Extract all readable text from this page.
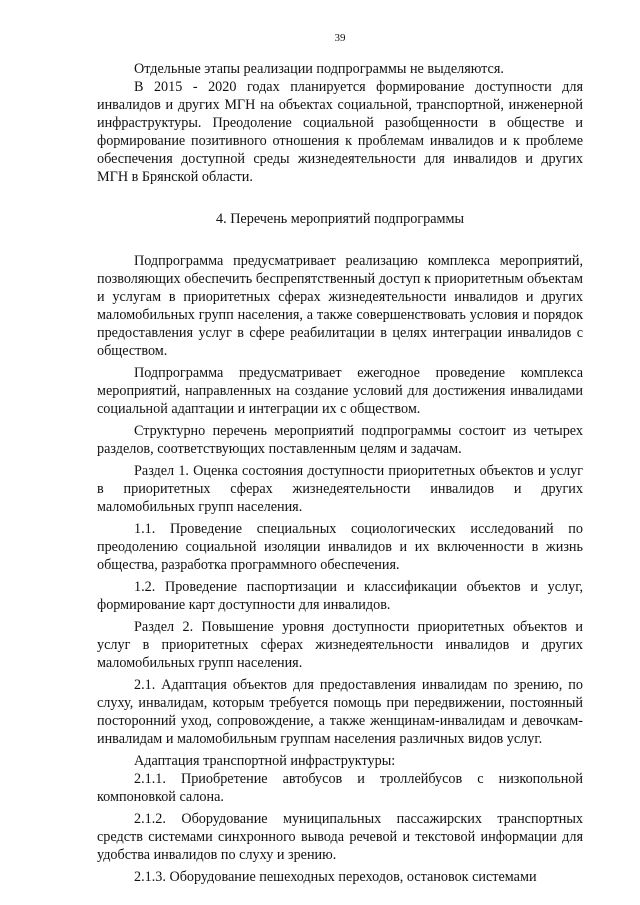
39

Отдельные этапы реализации подпрограммы не выделяются.

В 2015 - 2020 годах планируется формирование доступности для инвалидов и других МГН на объектах социальной, транспортной, инженерной инфраструктуры. Преодоление социальной разобщенности в обществе и формирование позитивного отношения к проблемам инвалидов и к проблеме обеспечения доступной среды жизнедеятельности для инвалидов и других МГН в Брянской области.

4. Перечень мероприятий подпрограммы

Подпрограмма предусматривает реализацию комплекса мероприятий, позволяющих обеспечить беспрепятственный доступ к приоритетным объектам и услугам в приоритетных сферах жизнедеятельности инвалидов и других маломобильных групп населения, а также совершенствовать условия и порядок предоставления услуг в сфере реабилитации в целях интеграции инвалидов с обществом.

Подпрограмма предусматривает ежегодное проведение комплекса мероприятий, направленных на создание условий для достижения инвалидами социальной адаптации и интеграции их с обществом.

Структурно перечень мероприятий подпрограммы состоит из четырех разделов, соответствующих поставленным целям и задачам.

Раздел 1. Оценка состояния доступности приоритетных объектов и услуг в приоритетных сферах жизнедеятельности инвалидов и других маломобильных групп населения.

1.1. Проведение специальных социологических исследований по преодолению социальной изоляции инвалидов и их включенности в жизнь общества, разработка программного обеспечения.

1.2. Проведение паспортизации и классификации объектов и услуг, формирование карт доступности для инвалидов.

Раздел 2. Повышение уровня доступности приоритетных объектов и услуг в приоритетных сферах жизнедеятельности инвалидов и других маломобильных групп населения.

2.1. Адаптация объектов для предоставления инвалидам по зрению, по слуху, инвалидам, которым требуется помощь при передвижении, постоянный посторонний уход, сопровождение, а также женщинам-инвалидам и девочкам-инвалидам и маломобильным группам населения различных видов услуг.

Адаптация транспортной инфраструктуры:

2.1.1. Приобретение автобусов и троллейбусов с низкопольной компоновкой салона.

2.1.2. Оборудование муниципальных пассажирских транспортных средств системами синхронного вывода речевой и текстовой информации для удобства инвалидов по слуху и зрению.

2.1.3. Оборудование пешеходных переходов, остановок системами
